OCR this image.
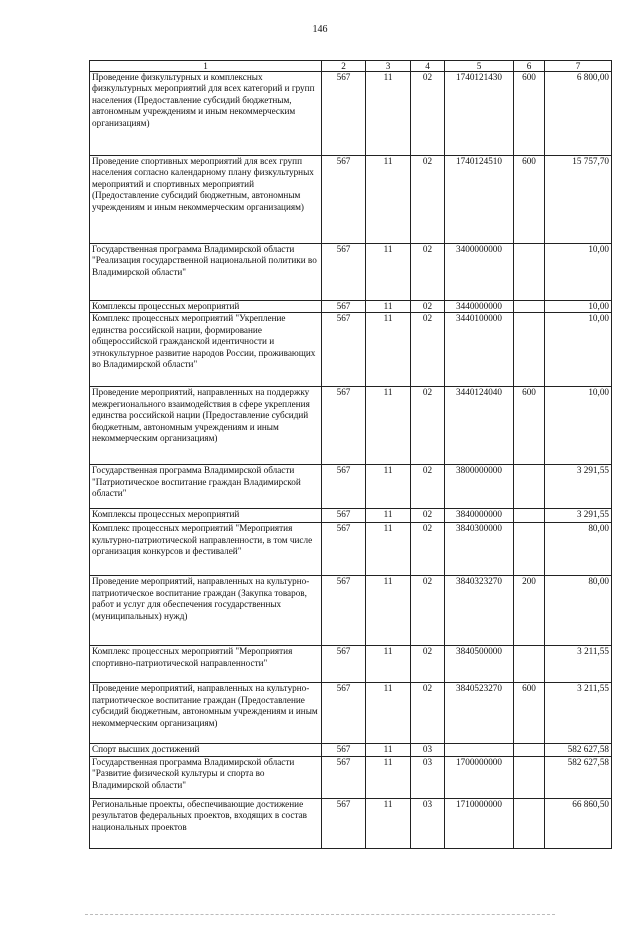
146
1	2	3	4	5	6	7
Проведение физкультурных и комплексных физкультурных мероприятий для всех категорий и групп населения (Предоставление субсидий бюджетным, автономным учреждениям и иным некоммерческим организациям)	567	11	02	1740121430	600	6 800,00
Проведение спортивных мероприятий для всех групп населения согласно календарному плану физкультурных мероприятий и спортивных мероприятий (Предоставление субсидий бюджетным, автономным учреждениям и иным некоммерческим организациям)	567	11	02	1740124510	600	15 757,70
Государственная программа Владимирской области "Реализация государственной национальной политики во Владимирской области"	567	11	02	3400000000		10,00
Комплексы процессных мероприятий	567	11	02	3440000000		10,00
Комплекс процессных мероприятий "Укрепление единства российской нации, формирование общероссийской гражданской идентичности и этнокультурное развитие народов России, проживающих во Владимирской области"	567	11	02	3440100000		10,00
Проведение мероприятий, направленных на поддержку межрегионального взаимодействия в сфере укрепления единства российской нации (Предоставление субсидий бюджетным, автономным учреждениям и иным некоммерческим организациям)	567	11	02	3440124040	600	10,00
Государственная программа Владимирской области "Патриотическое воспитание граждан Владимирской области"	567	11	02	3800000000		3 291,55
Комплексы процессных мероприятий	567	11	02	3840000000		3 291,55
Комплекс процессных мероприятий "Мероприятия культурно-патриотической направленности, в том числе организация конкурсов и фестивалей"	567	11	02	3840300000		80,00
Проведение мероприятий, направленных на культурно-патриотическое воспитание граждан (Закупка товаров, работ и услуг для обеспечения государственных (муниципальных) нужд)	567	11	02	3840323270	200	80,00
Комплекс процессных мероприятий "Мероприятия спортивно-патриотической направленности"	567	11	02	3840500000		3 211,55
Проведение мероприятий, направленных на культурно-патриотическое воспитание граждан (Предоставление субсидий бюджетным, автономным учреждениям и иным некоммерческим организациям)	567	11	02	3840523270	600	3 211,55
Спорт высших достижений	567	11	03			582 627,58
Государственная программа Владимирской области "Развитие физической культуры и спорта во Владимирской области"	567	11	03	1700000000		582 627,58
Региональные проекты, обеспечивающие достижение результатов федеральных проектов, входящих в состав национальных проектов	567	11	03	1710000000		66 860,50
